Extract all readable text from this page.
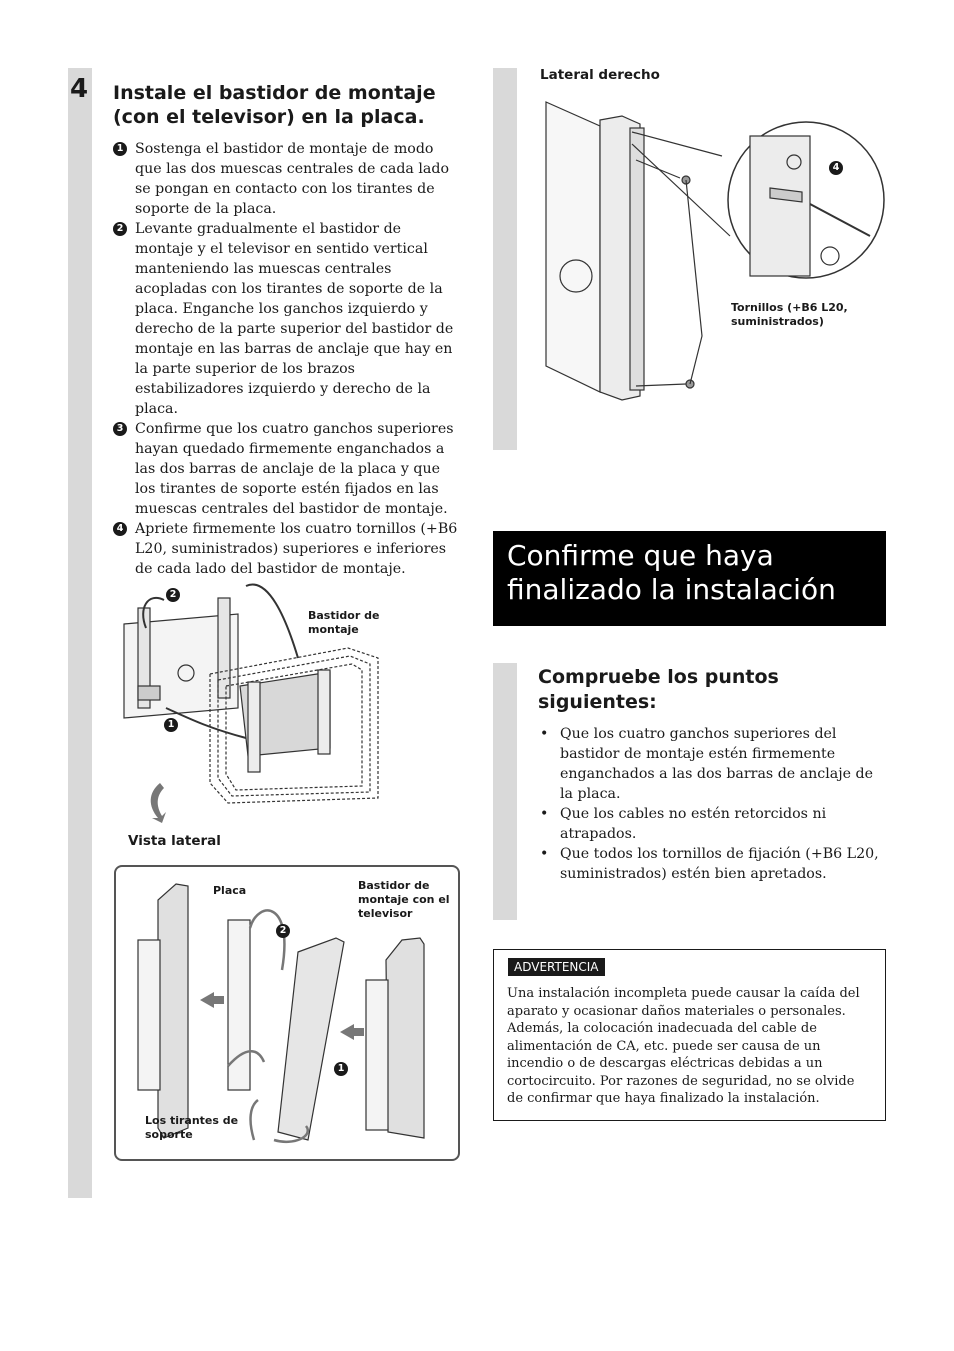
4 Instale el bastidor de montaje (con el televisor) en la placa.

1 Sostenga el bastidor de montaje de modo que las dos muescas centrales de cada lado se pongan en contacto con los tirantes de soporte de la placa.

2 Levante gradualmente el bastidor de montaje y el televisor en sentido vertical manteniendo las muescas centrales acopladas con los tirantes de soporte de la placa. Enganche los ganchos izquierdo y derecho de la parte superior del bastidor de montaje en las barras de anclaje que hay en la parte superior de los brazos estabilizadores izquierdo y derecho de la placa.

3 Confirme que los cuatro ganchos superiores hayan quedado firmemente enganchados a las dos barras de anclaje de la placa y que los tirantes de soporte estén fijados en las muescas centrales del bastidor de montaje.

4 Apriete firmemente los cuatro tornillos (+B6 L20, suministrados) superiores e inferiores de cada lado del bastidor de montaje.

2
1
Bastidor de montaje
Vista lateral
Placa	Bastidor de montaje con el televisor
Los tirantes de soporte
2
1
Lateral derecho
4
Tornillos (+B6 L20, suministrados)
Confirme que haya finalizado la instalación
Compruebe los puntos siguientes:
• Que los cuatro ganchos superiores del bastidor de montaje estén firmemente enganchados a las dos barras de anclaje de la placa.
• Que los cables no estén retorcidos ni atrapados.
• Que todos los tornillos de fijación (+B6 L20, suministrados) estén bien apretados.
ADVERTENCIA
Una instalación incompleta puede causar la caída del aparato y ocasionar daños materiales o personales. Además, la colocación inadecuada del cable de alimentación de CA, etc. puede ser causa de un incendio o de descargas eléctricas debidas a un cortocircuito. Por razones de seguridad, no se olvide de confirmar que haya finalizado la instalación.
